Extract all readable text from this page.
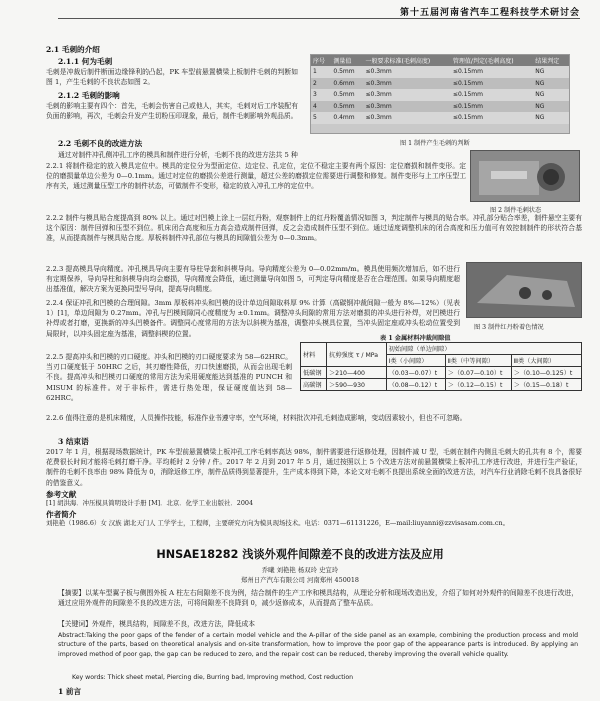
第十五届河南省汽车工程科技学术研讨会
2.1 毛刺的介绍
2.1.1 何为毛刺
毛刺是冲裁后制件断面边缘锋利的凸起，PK 车型前悬置横梁上板制件毛刺的判断如图 1，产生毛刺的不良状态如图 2。
2.1.2 毛刺的影响
毛刺的影响主要有四个：首先，毛刺会伤害自己或他人，其实，毛刺对后工序装配有负面的影响，再次，毛刺会升发产生切粉压印现象，最后，制件毛刺影响外观品质。
2.2 毛刺不良的改进方法
通过对制件冲孔侧冲孔工序的模具和制件进行分析，毛刺不良的改进方法共 5 种
序号	测量值	一般要求标准(毛刺高度)	管理值/判定(毛刺高度)	结果判定
1	0.5mm	≤0.3mm	≤0.15mm	NG
2	0.6mm	≤0.3mm	≤0.15mm	NG
3	0.5mm	≤0.3mm	≤0.15mm	NG
4	0.5mm	≤0.3mm	≤0.15mm	NG
5	0.4mm	≤0.3mm	≤0.15mm	NG
图 1 制件产生毛刺的判断
图 2 制件毛刺状态
2.2.1 将制件稳定的放入模具定位中。模具的定位分为型面定位、边定位、孔定位，定位不稳定主要有两个原因：定位磨损和制件变形。定位的磨损量单边公差为 0—0.1mm。通过对定位的磨损公差进行测量，超过公差的磨损定位需要进行调整和修复。制件变形与上工序压型工序有关，通过测量压型工序的制件状态，可做制件不变形，稳定的放入冲孔工序的定位中。
2.2.2 制件与模具贴合度提高到 80% 以上。通过对凹模上涂上一层红丹粉，观察制件上的红丹粉覆盖情况如图 3，判定制件与模具的贴合率。冲孔部分贴合率差，制件悬空主要有这个原因：制件回弹和压型不到位。机床闭合高度和压力高会造成制件回弹，反之会造成制件压型不到位。通过适度调整机床的闭合高度和压力值可有效控制制件的形状符合基准，从而提高制件与模具贴合度。厚板料制件冲孔部位与模具的间隙值公差为 0—0.3mm。
2.2.3 提高模具导向精度。冲孔模具导向主要有导柱导套和斜楔导向。导向精度公差为 0—0.02mm/m。模具使用频次增加后，如不进行有定期保养，导向导柱和斜楔导向均会磨损，导向精度会降低，通过测量导向如图 5，可判定导向精度是否在合理范围。如果导向精度超出基准值，解决方案为更换同型号导向，提高导向精度。
图 3 制件红丹粉着色情况
2.2.4 保证冲孔和凹模的合理间隙。3mm 厚板料冲头和凹模的设计单边间隙取料厚 9% 计算（高碳钢冲裁间隙一般为 8%—12%）（见表 1）[1]，单边间隙为 0.27mm。冲孔与凹模间隙同心度精度为 ±0.1mm。调整冲头间隙的常用方法对磨损的冲头进行补焊，对凹模进行补焊或者打磨，更换新的冲头凹模备件。调整同心度常用的方法为以斜楔为基准，调整冲头模具位置，当冲头固定座或冲头松动位置受到局限时，以冲头固定座为基准，调整斜楔的位置。
表 1 金属材料冲裁间隙值
材料	抗剪强度 τ / MPa	初始间隙（单边间隙）		
		Ⅰ类（小间隙）	Ⅱ类（中等间隙）	Ⅲ类（大间隙）
低碳钢	＞210—400	（0.03—0.07）t	＞（0.07—0.10）t	＞（0.10—0.125）t
高碳钢	＞590—930	（0.08—0.12）t	＞（0.12—0.15）t	＞（0.15—0.18）t
2.2.5 提高冲头和凹模的刃口硬度。冲头和凹模的刃口硬度要求为 58—62HRC。当刃口硬度低于 50HRC 之后，其刃磨性降低，刃口快速磨损，从而会出现毛刺不良。提高冲头和凹模刃口硬度的常用方法为采用硬度能达到基准的 PUNCH 和 MISUM 的标准件。对于非标件，需进行热处理，保证硬度值达到 58—62HRC。
2.2.6 值得注意的是机床精度，人员操作技能，标准作业书遵守率，空气环境，材料批次冲孔毛刺造成影响，变动因素较小，但也不可忽略。
3 结束语
2017 年 1 月，根据现场数据统计，PK 车型前悬置横梁上板冲孔工序毛刺率高达 98%，制件需要进行返修处理，因制件减 U 型，毛刺在制件内侧且毛刺大的孔共有 8 个，需要花费很长时间才能将毛刺打磨干净。平均耗时 2 分钟 / 件。2017 年 2 月到 2017 年 5 月，通过按照以上 5 个改进方法对前悬置横梁上板冲孔工序进行改进，并进行生产验证，制件的毛刺不良率由 98% 降低为 0，消除返修工序，制件品质得到显著提升，生产成本得到下降，本论文对毛刺不良提出系统全面的改进方法，对汽车行业消除毛刺不良具备很好的借鉴意义。
参考文献
[1] 胡洪海．冲压模具简明设计手册 [M]．北京．化学工业出版社．2004
作者简介
刘艳艳（1986.6）女 汉族 湖北天门人 工学学士，工程师，主要研究方向为模具现场技术。电话：0371—61131226，E—mail:liuyanni@zzvisasam.com.cn。
HNSAE18282 浅谈外观件间隙差不良的改进方法及应用
乔曦 刘艳艳 杨双玲 史宜玲
郑州日产汽车有限公司 河南郑州 450018
【摘要】以某车型翼子板与侧围外板 A 柱左右间隙差不良为例，结合制件的生产工序和模具结构，从理论分析和现场改造出发，介绍了如何对外观件的间隙差不良进行改进，通过应用外观件的间隙差不良的改进方法，可将间隙差不良降到 0，减少返修成本，从而提高了整车品质。
【关键词】外观件，模具结构，间隙差不良，改进方法，降低成本
Abstract:Taking the poor gaps of the fender of a certain model vehicle and the A-pillar of the side panel as an example, combining the production process and mold structure of the parts, based on theoretical analysis and on-site transformation, how to improve the poor gap of the appearance parts is introduced. By applying an improved method of poor gap, the gap can be reduced to zero, and the repair cost can be reduced, thereby improving the overall vehicle quality.
Key words: Thick sheet metal, Piercing die, Burring bad, Improving method, Cost reduction
1 前言
